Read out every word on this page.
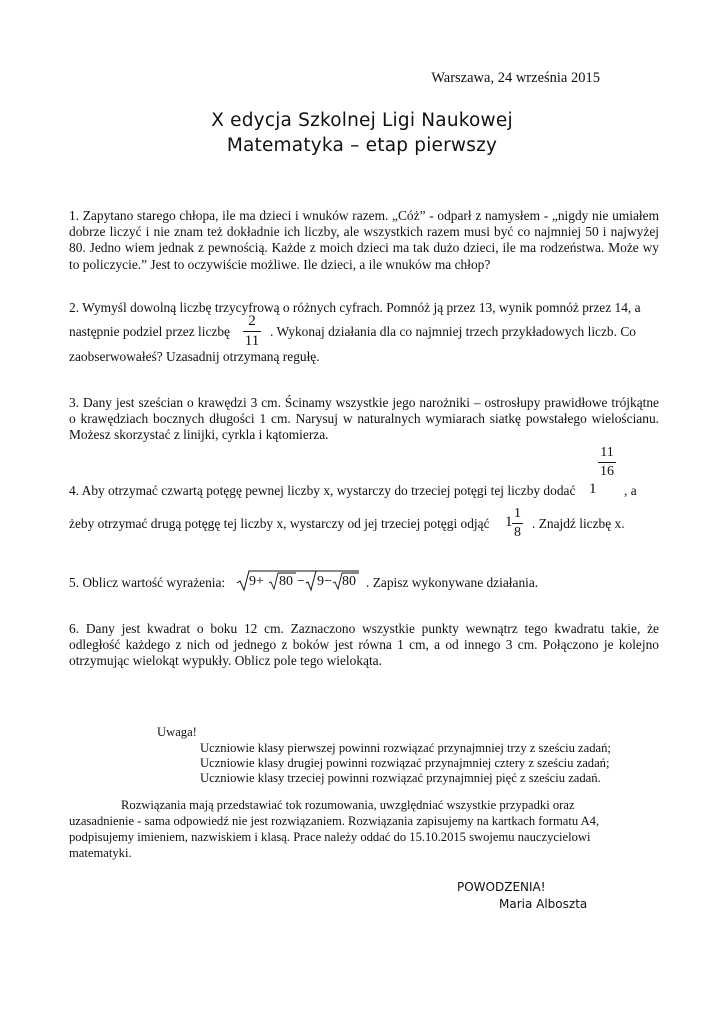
Warszawa, 24 września 2015
X edycja Szkolnej Ligi Naukowej
Matematyka – etap pierwszy
1. Zapytano starego chłopa, ile ma dzieci i wnuków razem. „Cóż” - odparł z namysłem - „nigdy nie umiałem dobrze liczyć i nie znam też dokładnie ich liczby, ale wszystkich razem musi być co najmniej 50 i najwyżej 80. Jedno wiem jednak z pewnością. Każde z moich dzieci ma tak dużo dzieci, ile ma rodzeństwa. Może wy to policzycie.” Jest to oczywiście możliwe. Ile dzieci, a ile wnuków ma chłop?
2. Wymyśl dowolną liczbę trzycyfrową o różnych cyfrach. Pomnóż ją przez 13, wynik pomnóż przez 14, a
następnie podziel przez liczbę
2
11
. Wykonaj działania dla co najmniej trzech przykładowych liczb. Co
zaobserwowałeś? Uzasadnij otrzymaną regułę.
3. Dany jest sześcian o krawędzi 3 cm. Ścinamy wszystkie jego narożniki – ostrosłupy prawidłowe trójkątne o krawędziach bocznych długości 1 cm. Narysuj w naturalnych wymiarach siatkę powstałego wielościanu. Możesz skorzystać z linijki, cyrkla i kątomierza.
4. Aby otrzymać czwartą potęgę pewnej liczby x, wystarczy do trzeciej potęgi tej liczby dodać 1
11
16
, a
żeby otrzymać drugą potęgę tej liczby x, wystarczy od jej trzeciej potęgi odjąć 1
1
8
. Znajdź liczbę x.
5. Oblicz wartość wyrażenia: 9+ 80 − 9− 80 . Zapisz wykonywane działania.
6. Dany jest kwadrat o boku 12 cm. Zaznaczono wszystkie punkty wewnątrz tego kwadratu takie, że odległość każdego z nich od jednego z boków jest równa 1 cm, a od innego 3 cm. Połączono je kolejno otrzymując wielokąt wypukły. Oblicz pole tego wielokąta.
Uwaga!
Uczniowie klasy pierwszej powinni rozwiązać przynajmniej trzy z sześciu zadań;
Uczniowie klasy drugiej powinni rozwiązać przynajmniej cztery z sześciu zadań;
Uczniowie klasy trzeciej powinni rozwiązać przynajmniej pięć z sześciu zadań.
Rozwiązania mają przedstawiać tok rozumowania, uwzględniać wszystkie przypadki oraz uzasadnienie - sama odpowiedź nie jest rozwiązaniem. Rozwiązania zapisujemy na kartkach formatu A4, podpisujemy imieniem, nazwiskiem i klasą. Prace należy oddać do 15.10.2015 swojemu nauczycielowi matematyki.
POWODZENIA!
Maria Alboszta
